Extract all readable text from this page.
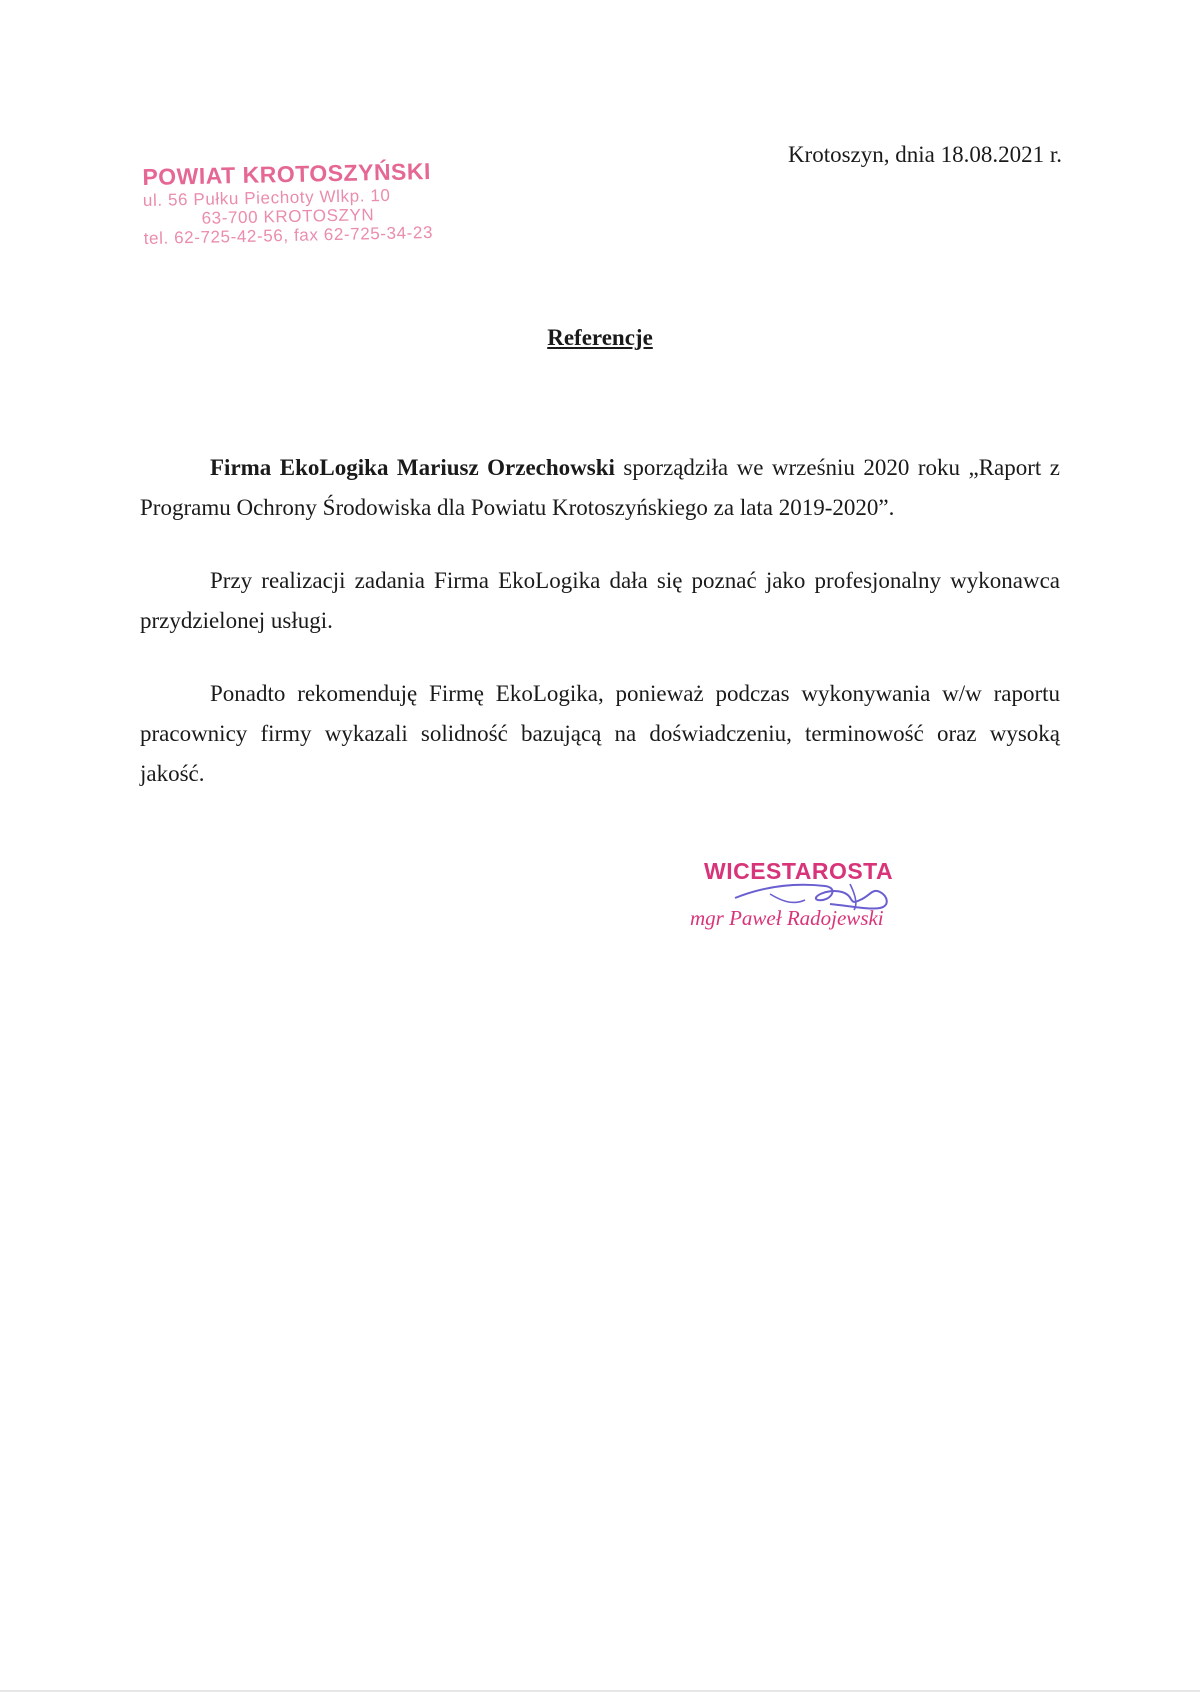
POWIAT KROTOSZYŃSKI
ul. 56 Pułku Piechoty Wlkp. 10
63-700 KROTOSZYN
tel. 62-725-42-56, fax 62-725-34-23
Krotoszyn, dnia 18.08.2021 r.
Referencje

Firma EkoLogika Mariusz Orzechowski sporządziła we wrześniu 2020 roku „Raport z Programu Ochrony Środowiska dla Powiatu Krotoszyńskiego za lata 2019-2020”.

Przy realizacji zadania Firma EkoLogika dała się poznać jako profesjonalny wykonawca przydzielonej usługi.

Ponadto rekomenduję Firmę EkoLogika, ponieważ podczas wykonywania w/w raportu pracownicy firmy wykazali solidność bazującą na doświadczeniu, terminowość oraz wysoką jakość.

WICESTAROSTA
mgr Paweł Radojewski
